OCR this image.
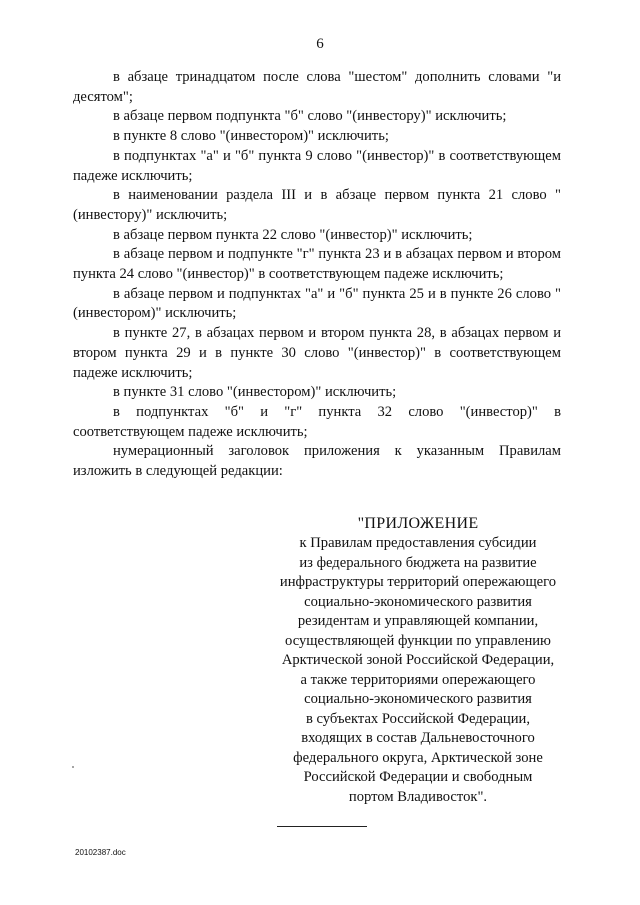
6

в абзаце тринадцатом после слова "шестом" дополнить словами "и десятом";

в абзаце первом подпункта "б" слово "(инвестору)" исключить;

в пункте 8 слово "(инвестором)" исключить;

в подпунктах "а" и "б" пункта 9 слово "(инвестор)" в соответствующем падеже исключить;

в наименовании раздела III и в абзаце первом пункта 21 слово "(инвестору)" исключить;

в абзаце первом пункта 22 слово "(инвестор)" исключить;

в абзаце первом и подпункте "г" пункта 23 и в абзацах первом и втором пункта 24 слово "(инвестор)" в соответствующем падеже исключить;

в абзаце первом и подпунктах "а" и "б" пункта 25 и в пункте 26 слово "(инвестором)" исключить;

в пункте 27, в абзацах первом и втором пункта 28, в абзацах первом и втором пункта 29 и в пункте 30 слово "(инвестор)" в соответствующем падеже исключить;

в пункте 31 слово "(инвестором)" исключить;

в подпунктах "б" и "г" пункта 32 слово "(инвестор)" в соответствующем падеже исключить;

нумерационный заголовок приложения к указанным Правилам изложить в следующей редакции:

"ПРИЛОЖЕНИЕ
к Правилам предоставления субсидии
из федерального бюджета на развитие
инфраструктуры территорий опережающего
социально-экономического развития
резидентам и управляющей компании,
осуществляющей функции по управлению
Арктической зоной Российской Федерации,
а также территориями опережающего
социально-экономического развития
в субъектах Российской Федерации,
входящих в состав Дальневосточного
федерального округа, Арктической зоне
Российской Федерации и свободным
портом Владивосток".
20102387.doc
